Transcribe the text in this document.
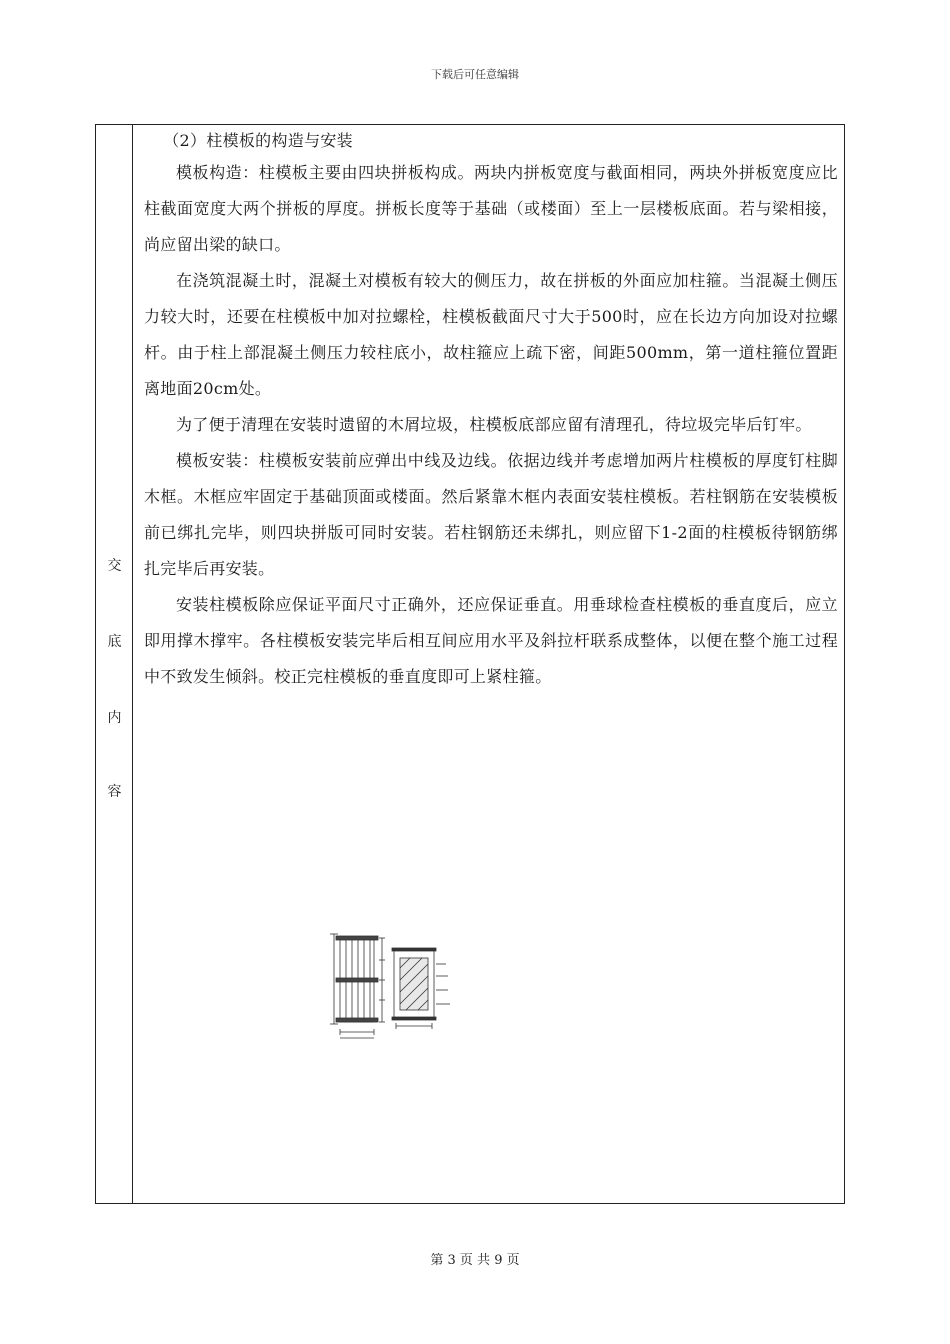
下载后可任意编辑
交
底
内
容

（2）柱模板的构造与安装

模板构造：柱模板主要由四块拼板构成。两块内拼板宽度与截面相同，两块外拼板宽度应比柱截面宽度大两个拼板的厚度。拼板长度等于基础（或楼面）至上一层楼板底面。若与梁相接，尚应留出梁的缺口。

在浇筑混凝土时，混凝土对模板有较大的侧压力，故在拼板的外面应加柱箍。当混凝土侧压力较大时，还要在柱模板中加对拉螺栓，柱模板截面尺寸大于500时，应在长边方向加设对拉螺杆。由于柱上部混凝土侧压力较柱底小，故柱箍应上疏下密，间距500mm，第一道柱箍位置距离地面20cm处。

为了便于清理在安装时遗留的木屑垃圾，柱模板底部应留有清理孔，待垃圾完毕后钉牢。

模板安装：柱模板安装前应弹出中线及边线。依据边线并考虑增加两片柱模板的厚度钉柱脚木框。木框应牢固定于基础顶面或楼面。然后紧靠木框内表面安装柱模板。若柱钢筋在安装模板前已绑扎完毕，则四块拼版可同时安装。若柱钢筋还未绑扎，则应留下1-2面的柱模板待钢筋绑扎完毕后再安装。

安装柱模板除应保证平面尺寸正确外，还应保证垂直。用垂球检查柱模板的垂直度后，应立即用撑木撑牢。各柱模板安装完毕后相互间应用水平及斜拉杆联系成整体，以便在整个施工过程中不致发生倾斜。校正完柱模板的垂直度即可上紧柱箍。

第 3 页 共 9 页
